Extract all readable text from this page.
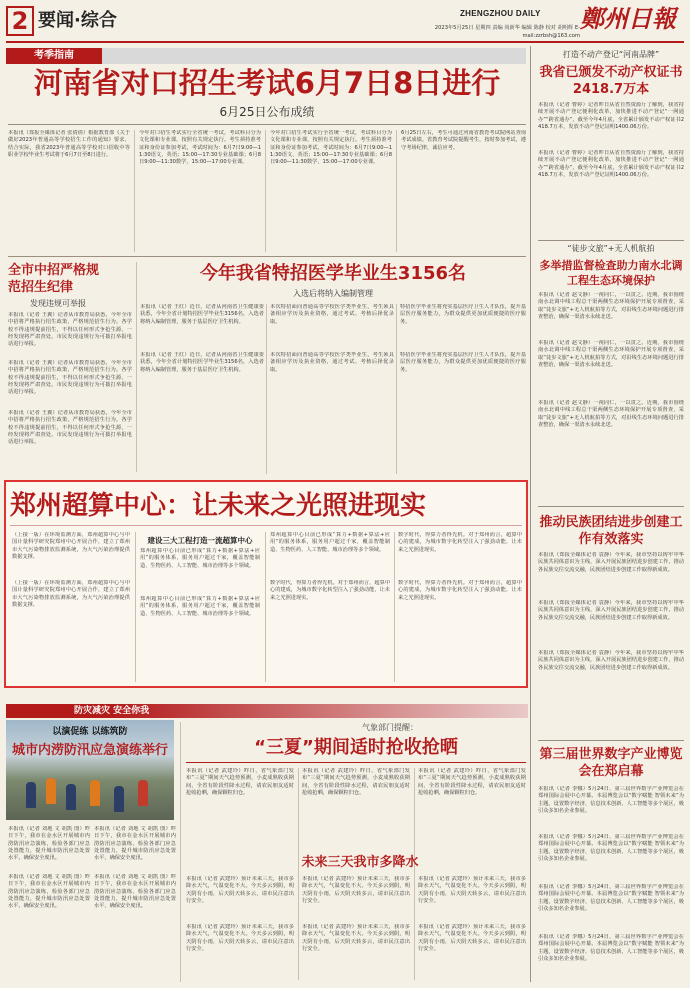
2 要闻·综合	2023年5月25日 星期四 责编 尚新华 编辑 陈静 校对 胡明辉 E-mail:zzrbsh@163.com
ZHENGZHOU DAILY 鄭州日報
考季指南
河南省对口招生考试6月7日8日进行
6月25日公布成绩
本报讯（郑报全媒体记者 张倩倩）根据教育部《关于做好2023年普通高等学校招生工作的通知》要求，结合实际，我省2023年普通高等学校对口招收中等职业学校毕业生考试将于6月7日至8日进行。
今年对口招生考试实行全省统一考试，考试科目分为文化课和专业课，按照有关规定执行。考生须持准考证和身份证参加考试，考试时间为：6月7日9:00—11:30语文、英语；15:00—17:30专业基础课；6月8日9:00—11:30数学，15:00—17:00专业课。
今年对口招生考试实行全省统一考试，考试科目分为文化课和专业课，按照有关规定执行。考生须持准考证和身份证参加考试，考试时间为：6月7日9:00—11:30语文、英语；15:00—17:30专业基础课；6月8日9:00—11:30数学，15:00—17:00专业课。
6月25日左右，考生可通过河南省教育考试院网站查询考试成绩。省教育考试院提醒考生，按时参加考试，遵守考场纪律，诚信应考。
打造不动产登记“河南品牌”
我省已颁发不动产权证书 2418.7万本
本报讯（记者 曹婷）记者昨日从省自然资源厅了解到，我省持续开展不动产登记便利化改革，加快推进不动产登记“一网通办”“跨省通办”，截至今年4月底，全省累计颁发不动产权证书2418.7万本，发放不动产登记证明1400.06万份。
本报讯（记者 曹婷）记者昨日从省自然资源厅了解到，我省持续开展不动产登记便利化改革，加快推进不动产登记“一网通办”“跨省通办”，截至今年4月底，全省累计颁发不动产权证书2418.7万本，发放不动产登记证明1400.06万份。
“徒步文旅”+无人机航拍
多举措监督检查助力南水北调工程生态环境保护
本报讯（记者 赵文静）一视同仁，一以贯之。近期，我市围绕南水北调中线工程总干渠两侧生态环境保护开展专项督查，采取“徒步文旅”+无人机航拍等方式，对沿线生态环境问题进行排查整治，确保一渠清水永续北送。
本报讯（记者 赵文静）一视同仁，一以贯之。近期，我市围绕南水北调中线工程总干渠两侧生态环境保护开展专项督查，采取“徒步文旅”+无人机航拍等方式，对沿线生态环境问题进行排查整治，确保一渠清水永续北送。
本报讯（记者 赵文静）一视同仁，一以贯之。近期，我市围绕南水北调中线工程总干渠两侧生态环境保护开展专项督查，采取“徒步文旅”+无人机航拍等方式，对沿线生态环境问题进行排查整治，确保一渠清水永续北送。
推动民族团结进步创建工作有效落实
本报讯（郑报全媒体记者 袁静）今年来，我市坚持以铸牢中华民族共同体意识为主线，深入开展民族团结进步创建工作，推动各民族交往交流交融，民族团结进步创建工作取得新成效。
本报讯（郑报全媒体记者 袁静）今年来，我市坚持以铸牢中华民族共同体意识为主线，深入开展民族团结进步创建工作，推动各民族交往交流交融，民族团结进步创建工作取得新成效。
本报讯（郑报全媒体记者 袁静）今年来，我市坚持以铸牢中华民族共同体意识为主线，深入开展民族团结进步创建工作，推动各民族交往交流交融，民族团结进步创建工作取得新成效。
第三届世界数字产业博览会在郑启幕
本报讯（记者 李娜）5月24日，第三届世界数字产业博览会在郑州国际会展中心开幕。本届博览会以“数字赋能 智领未来”为主题，设置数字经济、信息技术创新、人工智能等多个展区，吸引众多知名企业参展。
本报讯（记者 李娜）5月24日，第三届世界数字产业博览会在郑州国际会展中心开幕。本届博览会以“数字赋能 智领未来”为主题，设置数字经济、信息技术创新、人工智能等多个展区，吸引众多知名企业参展。
本报讯（记者 李娜）5月24日，第三届世界数字产业博览会在郑州国际会展中心开幕。本届博览会以“数字赋能 智领未来”为主题，设置数字经济、信息技术创新、人工智能等多个展区，吸引众多知名企业参展。
本报讯（记者 李娜）5月24日，第三届世界数字产业博览会在郑州国际会展中心开幕。本届博览会以“数字赋能 智领未来”为主题，设置数字经济、信息技术创新、人工智能等多个展区，吸引众多知名企业参展。
全市中招严格规范招生纪律
发现违规可举报
本报讯（记者 王翼）记者从市教育局获悉，今年全市中招将严格执行招生政策，严格规范招生行为。各学校不得违规提前招生，不得以任何形式争抢生源，一经发现将严肃查处。市民发现违规行为可拨打举报电话进行举报。
本报讯（记者 王翼）记者从市教育局获悉，今年全市中招将严格执行招生政策，严格规范招生行为。各学校不得违规提前招生，不得以任何形式争抢生源，一经发现将严肃查处。市民发现违规行为可拨打举报电话进行举报。
本报讯（记者 王翼）记者从市教育局获悉，今年全市中招将严格执行招生政策，严格规范招生行为。各学校不得违规提前招生，不得以任何形式争抢生源，一经发现将严肃查处。市民发现违规行为可拨打举报电话进行举报。
今年我省特招医学毕业生3156名
入选后将纳入编制管理
本报讯（记者 王红）近日，记者从河南省卫生健康委获悉，今年全省计划特招医学毕业生3156名，入选者将纳入编制管理，服务于基层医疗卫生机构。
本次特招面向普通高等学校医学类毕业生，考生须具备相应学历及执业资格，通过考试、考核后择优录取。
特招医学毕业生将充实基层医疗卫生人才队伍，提升基层医疗服务能力，为群众提供更加优质便捷的医疗服务。
本报讯（记者 王红）近日，记者从河南省卫生健康委获悉，今年全省计划特招医学毕业生3156名，入选者将纳入编制管理，服务于基层医疗卫生机构。
本次特招面向普通高等学校医学类毕业生，考生须具备相应学历及执业资格，通过考试、考核后择优录取。
特招医学毕业生将充实基层医疗卫生人才队伍，提升基层医疗服务能力，为群众提供更加优质便捷的医疗服务。
郑州超算中心：让未来之光照进现实
（上接一版）在环境监测方面，郑州超算中心与中国计量科学研究院郑州中心开展合作，建立了郑州市大气污染物排放监测系统，为大气污染治理提供数据支撑。
（上接一版）在环境监测方面，郑州超算中心与中国计量科学研究院郑州中心开展合作，建立了郑州市大气污染物排放监测系统，为大气污染治理提供数据支撑。
建设三大工程打造一流超算中心
郑州超算中心目前已形成“算力+数据+算法+应用”的服务体系，服务用户超过千家，覆盖智能制造、生物医药、人工智能、城市治理等多个领域。
郑州超算中心目前已形成“算力+数据+算法+应用”的服务体系，服务用户超过千家，覆盖智能制造、生物医药、人工智能、城市治理等多个领域。
郑州超算中心目前已形成“算力+数据+算法+应用”的服务体系，服务用户超过千家，覆盖智能制造、生物医药、人工智能、城市治理等多个领域。
数字时代，得算力者得先机。对于郑州而言，超算中心的建成，为城市数字化转型注入了强劲动能，让未来之光照进现实。
数字时代，得算力者得先机。对于郑州而言，超算中心的建成，为城市数字化转型注入了强劲动能，让未来之光照进现实。
数字时代，得算力者得先机。对于郑州而言，超算中心的建成，为城市数字化转型注入了强劲动能，让未来之光照进现实。
防灾减灾 安全你我
以演促练 以练筑防
城市内涝防汛应急演练举行
本报讯（记者 刘地 文 胡凯 图）昨日下午，我市在金水区开展城市内涝防汛应急演练，检验各部门应急处置能力，提升城市防汛应急处置水平，确保安全度汛。
本报讯（记者 刘地 文 胡凯 图）昨日下午，我市在金水区开展城市内涝防汛应急演练，检验各部门应急处置能力，提升城市防汛应急处置水平，确保安全度汛。
本报讯（记者 刘地 文 胡凯 图）昨日下午，我市在金水区开展城市内涝防汛应急演练，检验各部门应急处置能力，提升城市防汛应急处置水平，确保安全度汛。
本报讯（记者 刘地 文 胡凯 图）昨日下午，我市在金水区开展城市内涝防汛应急演练，检验各部门应急处置能力，提升城市防汛应急处置水平，确保安全度汛。
气象部门提醒：
“三夏”期间适时抢收抢晒
本报讯（记者 武建玲）昨日，省气象部门发布“三夏”期间天气趋势预测，小麦成熟收获期间，全省有阶段性降水过程，请农民朋友适时抢收抢晒，确保颗粒归仓。
本报讯（记者 武建玲）昨日，省气象部门发布“三夏”期间天气趋势预测，小麦成熟收获期间，全省有阶段性降水过程，请农民朋友适时抢收抢晒，确保颗粒归仓。
本报讯（记者 武建玲）昨日，省气象部门发布“三夏”期间天气趋势预测，小麦成熟收获期间，全省有阶段性降水过程，请农民朋友适时抢收抢晒，确保颗粒归仓。
未来三天我市多降水
本报讯（记者 武建玲）预计未来三天，我市多降水天气，气温变化不大。今天多云到阴，明天阴有小雨，后天阴天转多云，请市民注意出行安全。
本报讯（记者 武建玲）预计未来三天，我市多降水天气，气温变化不大。今天多云到阴，明天阴有小雨，后天阴天转多云，请市民注意出行安全。
本报讯（记者 武建玲）预计未来三天，我市多降水天气，气温变化不大。今天多云到阴，明天阴有小雨，后天阴天转多云，请市民注意出行安全。
本报讯（记者 武建玲）预计未来三天，我市多降水天气，气温变化不大。今天多云到阴，明天阴有小雨，后天阴天转多云，请市民注意出行安全。
本报讯（记者 武建玲）预计未来三天，我市多降水天气，气温变化不大。今天多云到阴，明天阴有小雨，后天阴天转多云，请市民注意出行安全。
本报讯（记者 武建玲）预计未来三天，我市多降水天气，气温变化不大。今天多云到阴，明天阴有小雨，后天阴天转多云，请市民注意出行安全。
